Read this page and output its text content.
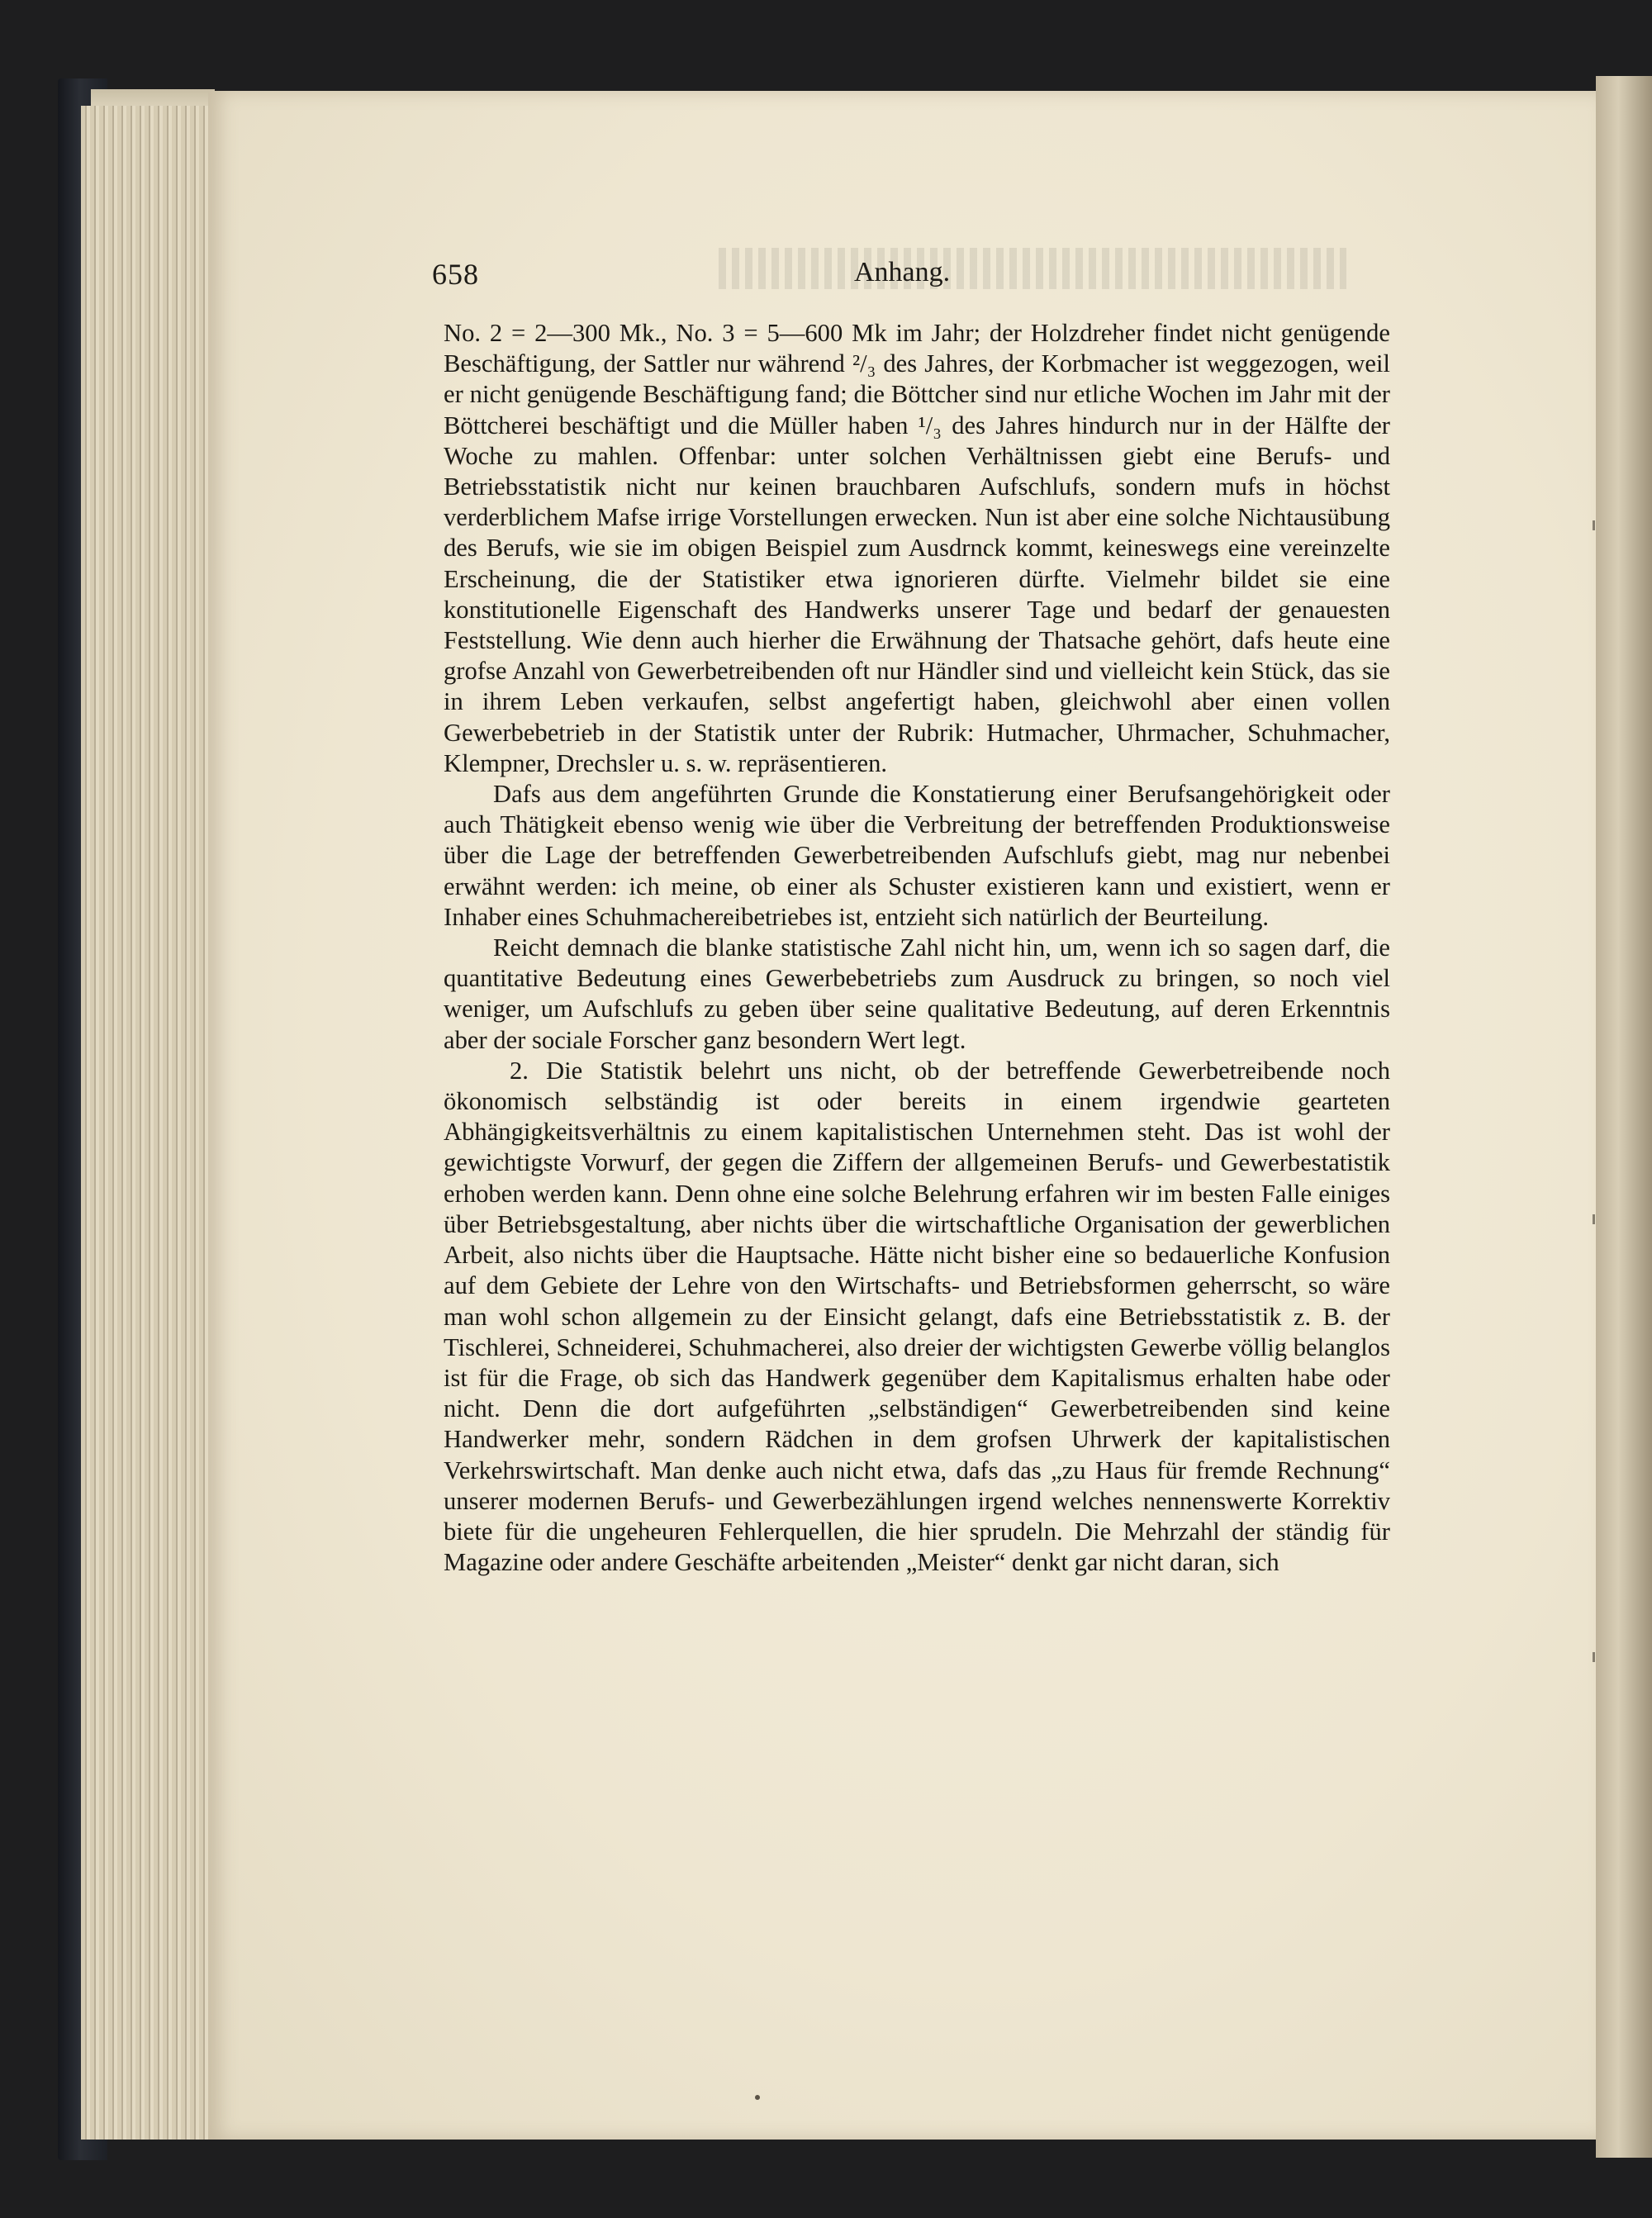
658	Anhang.

No. 2 = 2—300 Mk., No. 3 = 5—600 Mk im Jahr; der Holzdreher findet nicht genügende Beschäftigung, der Sattler nur während ²/₃ des Jahres, der Korbmacher ist weggezogen, weil er nicht genügende Beschäftigung fand; die Böttcher sind nur etliche Wochen im Jahr mit der Böttcherei beschäftigt und die Müller haben ¹/₃ des Jahres hindurch nur in der Hälfte der Woche zu mahlen. Offenbar: unter solchen Verhältnissen giebt eine Berufs- und Betriebsstatistik nicht nur keinen brauchbaren Aufschlufs, sondern mufs in höchst verderblichem Mafse irrige Vorstellungen erwecken. Nun ist aber eine solche Nichtausübung des Berufs, wie sie im obigen Beispiel zum Ausdrnck kommt, keineswegs eine vereinzelte Erscheinung, die der Statistiker etwa ignorieren dürfte. Vielmehr bildet sie eine konstitutionelle Eigenschaft des Handwerks unserer Tage und bedarf der genauesten Feststellung. Wie denn auch hierher die Erwähnung der Thatsache gehört, dafs heute eine grofse Anzahl von Gewerbetreibenden oft nur Händler sind und vielleicht kein Stück, das sie in ihrem Leben verkaufen, selbst angefertigt haben, gleichwohl aber einen vollen Gewerbebetrieb in der Statistik unter der Rubrik: Hutmacher, Uhrmacher, Schuhmacher, Klempner, Drechsler u. s. w. repräsentieren.

Dafs aus dem angeführten Grunde die Konstatierung einer Berufsangehörigkeit oder auch Thätigkeit ebenso wenig wie über die Verbreitung der betreffenden Produktionsweise über die Lage der betreffenden Gewerbetreibenden Aufschlufs giebt, mag nur nebenbei erwähnt werden: ich meine, ob einer als Schuster existieren kann und existiert, wenn er Inhaber eines Schuhmachereibetriebes ist, entzieht sich natürlich der Beurteilung.

Reicht demnach die blanke statistische Zahl nicht hin, um, wenn ich so sagen darf, die quantitative Bedeutung eines Gewerbebetriebs zum Ausdruck zu bringen, so noch viel weniger, um Aufschlufs zu geben über seine qualitative Bedeutung, auf deren Erkenntnis aber der sociale Forscher ganz besondern Wert legt.

2. Die Statistik belehrt uns nicht, ob der betreffende Gewerbetreibende noch ökonomisch selbständig ist oder bereits in einem irgendwie gearteten Abhängigkeitsverhältnis zu einem kapitalistischen Unternehmen steht. Das ist wohl der gewichtigste Vorwurf, der gegen die Ziffern der allgemeinen Berufs- und Gewerbestatistik erhoben werden kann. Denn ohne eine solche Belehrung erfahren wir im besten Falle einiges über Betriebsgestaltung, aber nichts über die wirtschaftliche Organisation der gewerblichen Arbeit, also nichts über die Hauptsache. Hätte nicht bisher eine so bedauerliche Konfusion auf dem Gebiete der Lehre von den Wirtschafts- und Betriebsformen geherrscht, so wäre man wohl schon allgemein zu der Einsicht gelangt, dafs eine Betriebsstatistik z. B. der Tischlerei, Schneiderei, Schuhmacherei, also dreier der wichtigsten Gewerbe völlig belanglos ist für die Frage, ob sich das Handwerk gegenüber dem Kapitalismus erhalten habe oder nicht. Denn die dort aufgeführten „selbständigen“ Gewerbetreibenden sind keine Handwerker mehr, sondern Rädchen in dem grofsen Uhrwerk der kapitalistischen Verkehrswirtschaft. Man denke auch nicht etwa, dafs das „zu Haus für fremde Rechnung“ unserer modernen Berufs- und Gewerbezählungen irgend welches nennenswerte Korrektiv biete für die ungeheuren Fehlerquellen, die hier sprudeln. Die Mehrzahl der ständig für Magazine oder andere Geschäfte arbeitenden „Meister“ denkt gar nicht daran, sich
